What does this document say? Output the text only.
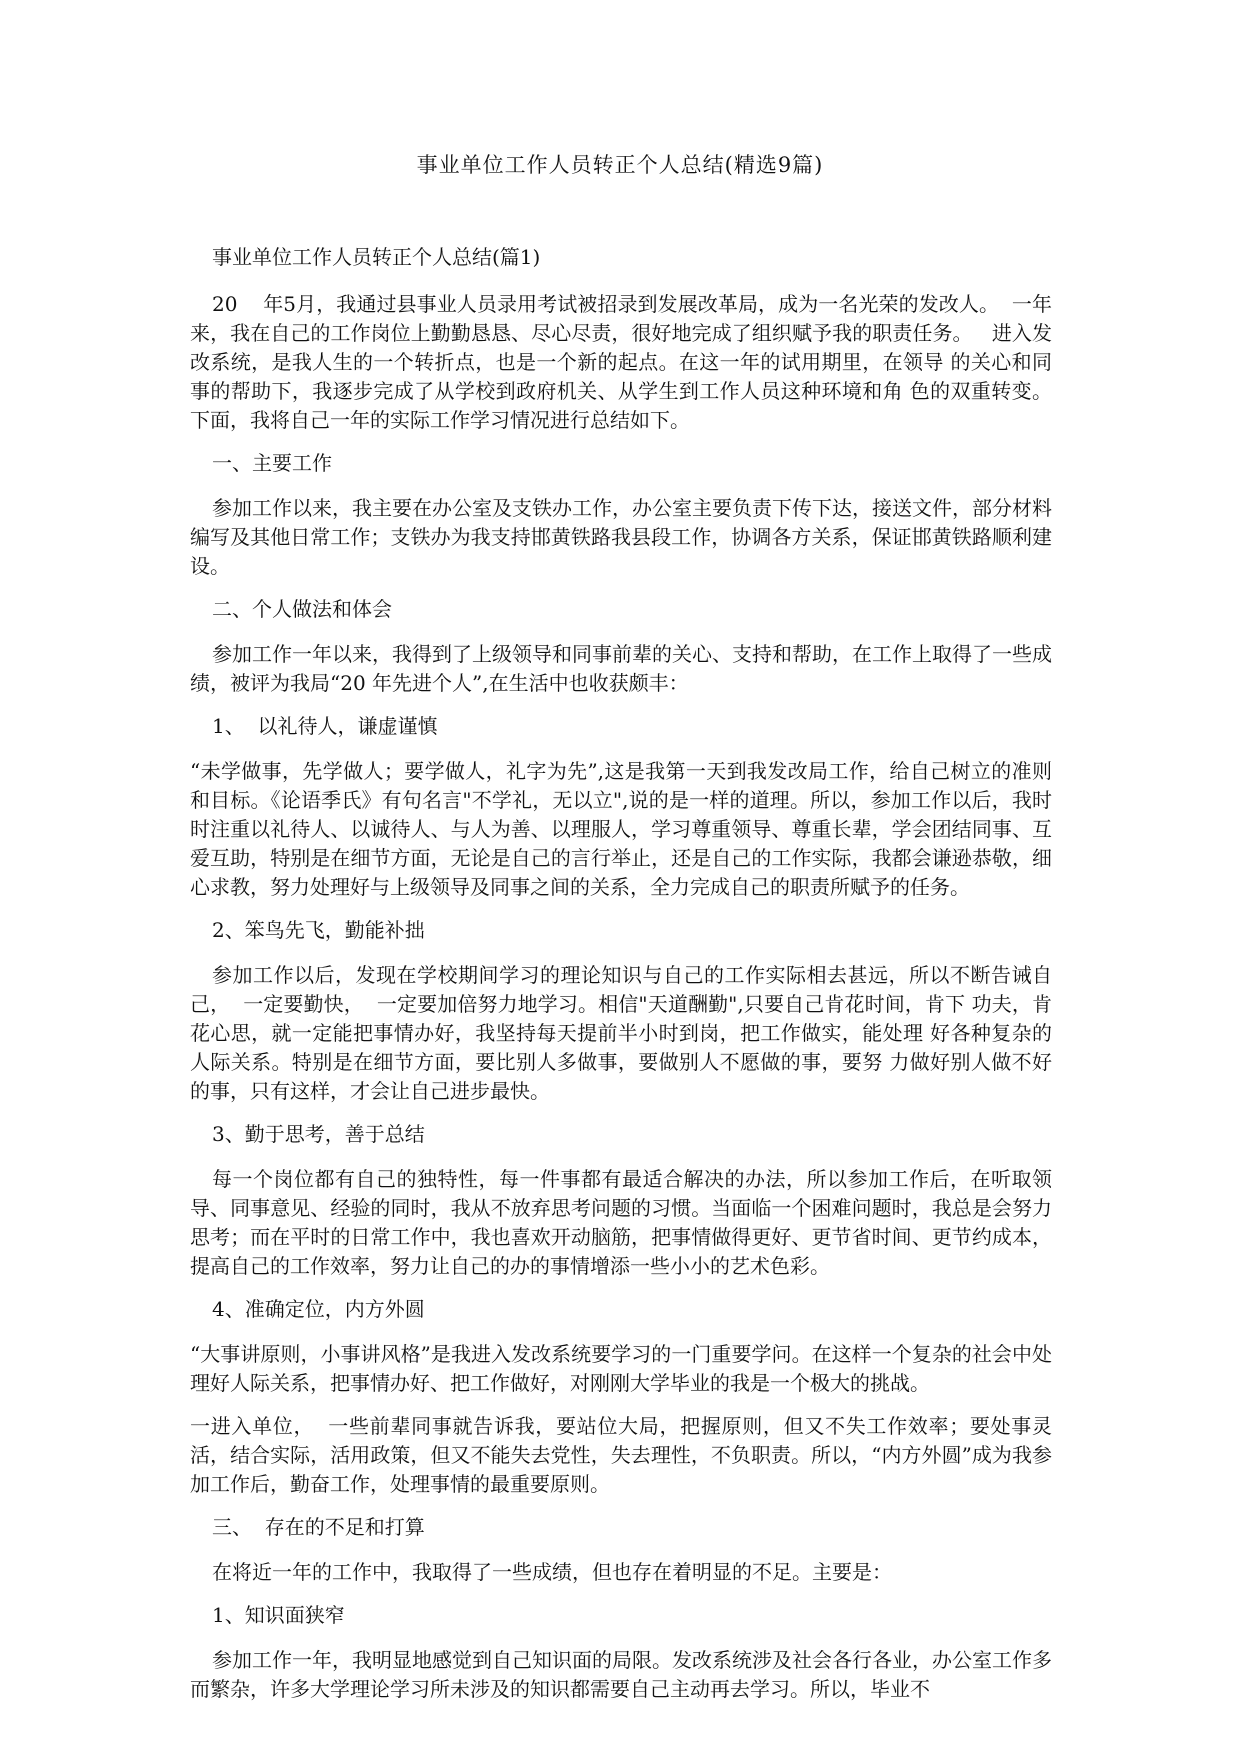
事业单位工作人员转正个人总结(精选9篇)

事业单位工作人员转正个人总结(篇1)

20    年5月，我通过县事业人员录用考试被招录到发展改革局，成为一名光荣的发改人。  一年来，我在自己的工作岗位上勤勤恳恳、尽心尽责，很好地完成了组织赋予我的职责任务。   进入发改系统，是我人生的一个转折点，也是一个新的起点。在这一年的试用期里，在领导 的关心和同事的帮助下，我逐步完成了从学校到政府机关、从学生到工作人员这种环境和角 色的双重转变。下面，我将自己一年的实际工作学习情况进行总结如下。

一、主要工作

参加工作以来，我主要在办公室及支铁办工作，办公室主要负责下传下达，接送文件，部分材料编写及其他日常工作；支铁办为我支持邯黄铁路我县段工作，协调各方关系，保证邯黄铁路顺利建设。

二、个人做法和体会

参加工作一年以来，我得到了上级领导和同事前辈的关心、支持和帮助，在工作上取得了一些成绩，被评为我局“20 年先进个人”,在生活中也收获颇丰：

1、  以礼待人，谦虚谨慎

“未学做事，先学做人；要学做人，礼字为先”,这是我第一天到我发改局工作，给自己树立的准则和目标。《论语季氏》有句名言"不学礼，无以立",说的是一样的道理。所以，参加工作以后，我时时注重以礼待人、以诚待人、与人为善、以理服人，学习尊重领导、尊重长辈，学会团结同事、互爱互助，特别是在细节方面，无论是自己的言行举止，还是自己的工作实际，我都会谦逊恭敬，细心求教，努力处理好与上级领导及同事之间的关系，全力完成自己的职责所赋予的任务。

2、笨鸟先飞，勤能补拙

参加工作以后，发现在学校期间学习的理论知识与自己的工作实际相去甚远，所以不断告诫自己，  一定要勤快，  一定要加倍努力地学习。相信"天道酬勤",只要自己肯花时间，肯下 功夫，肯花心思，就一定能把事情办好，我坚持每天提前半小时到岗，把工作做实，能处理 好各种复杂的人际关系。特别是在细节方面，要比别人多做事，要做别人不愿做的事，要努 力做好别人做不好的事，只有这样，才会让自己进步最快。

3、勤于思考，善于总结

每一个岗位都有自己的独特性，每一件事都有最适合解决的办法，所以参加工作后，在听取领导、同事意见、经验的同时，我从不放弃思考问题的习惯。当面临一个困难问题时，我总是会努力思考；而在平时的日常工作中，我也喜欢开动脑筋，把事情做得更好、更节省时间、更节约成本，提高自己的工作效率，努力让自己的办的事情增添一些小小的艺术色彩。

4、准确定位，内方外圆

“大事讲原则，小事讲风格”是我进入发改系统要学习的一门重要学问。在这样一个复杂的社会中处理好人际关系，把事情办好、把工作做好，对刚刚大学毕业的我是一个极大的挑战。

一进入单位，  一些前辈同事就告诉我，要站位大局，把握原则，但又不失工作效率；要处事灵活，结合实际，活用政策，但又不能失去党性，失去理性，不负职责。所以，“内方外圆”成为我参加工作后，勤奋工作，处理事情的最重要原则。

三、  存在的不足和打算

在将近一年的工作中，我取得了一些成绩，但也存在着明显的不足。主要是：

1、知识面狭窄

参加工作一年，我明显地感觉到自己知识面的局限。发改系统涉及社会各行各业，办公室工作多而繁杂，许多大学理论学习所未涉及的知识都需要自己主动再去学习。所以，毕业不
